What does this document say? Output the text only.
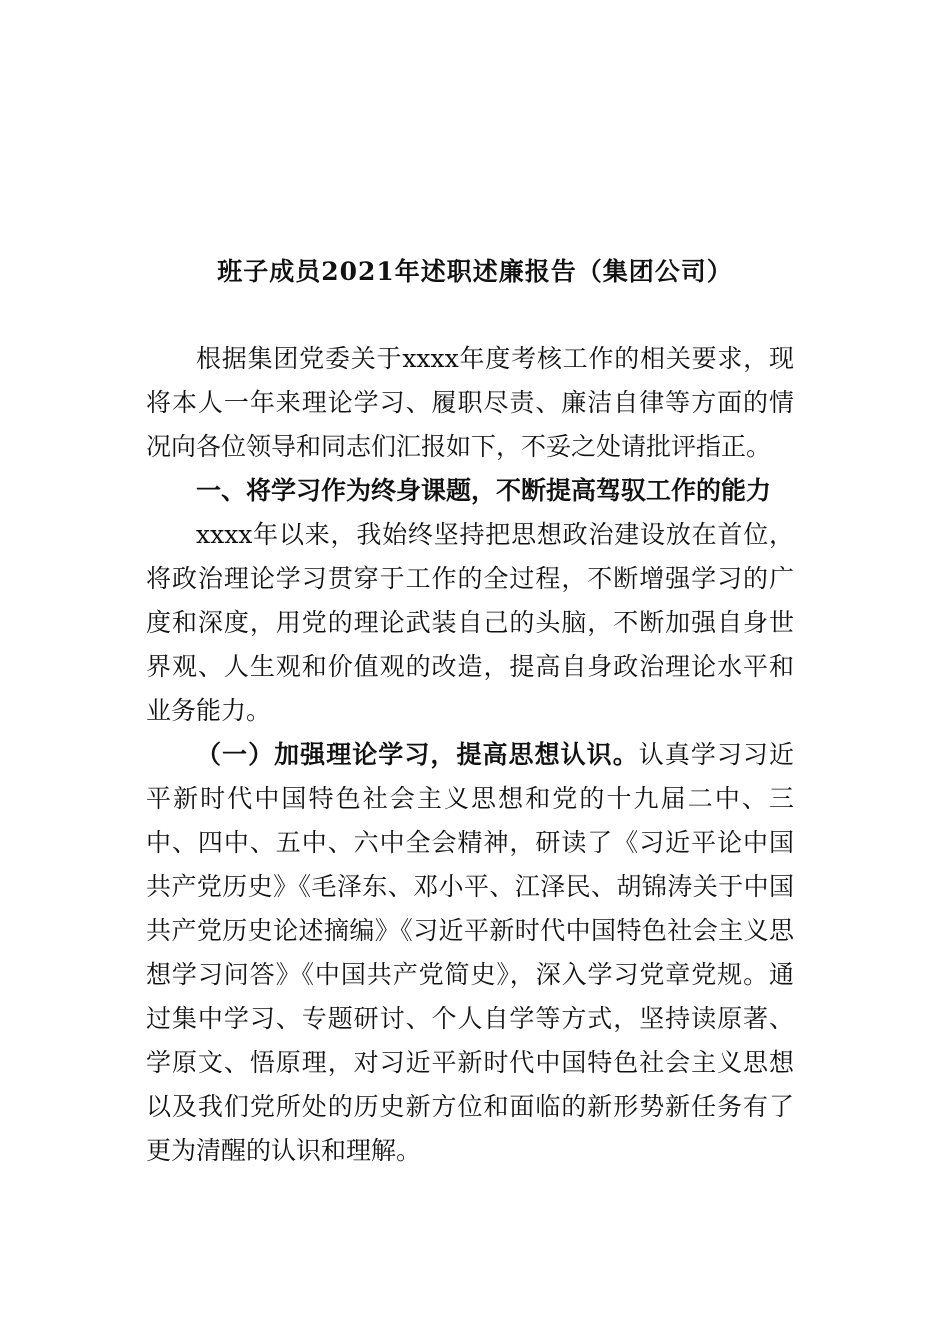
班子成员2021年述职述廉报告（集团公司）

根据集团党委关于xxxx年度考核工作的相关要求，现将本人一年来理论学习、履职尽责、廉洁自律等方面的情况向各位领导和同志们汇报如下，不妥之处请批评指正。

一、将学习作为终身课题，不断提高驾驭工作的能力

xxxx年以来，我始终坚持把思想政治建设放在首位，将政治理论学习贯穿于工作的全过程，不断增强学习的广度和深度，用党的理论武装自己的头脑，不断加强自身世界观、人生观和价值观的改造，提高自身政治理论水平和业务能力。

（一）加强理论学习，提高思想认识。认真学习习近平新时代中国特色社会主义思想和党的十九届二中、三中、四中、五中、六中全会精神，研读了《习近平论中国共产党历史》《毛泽东、邓小平、江泽民、胡锦涛关于中国共产党历史论述摘编》《习近平新时代中国特色社会主义思想学习问答》《中国共产党简史》，深入学习党章党规。通过集中学习、专题研讨、个人自学等方式，坚持读原著、学原文、悟原理，对习近平新时代中国特色社会主义思想以及我们党所处的历史新方位和面临的新形势新任务有了更为清醒的认识和理解。
